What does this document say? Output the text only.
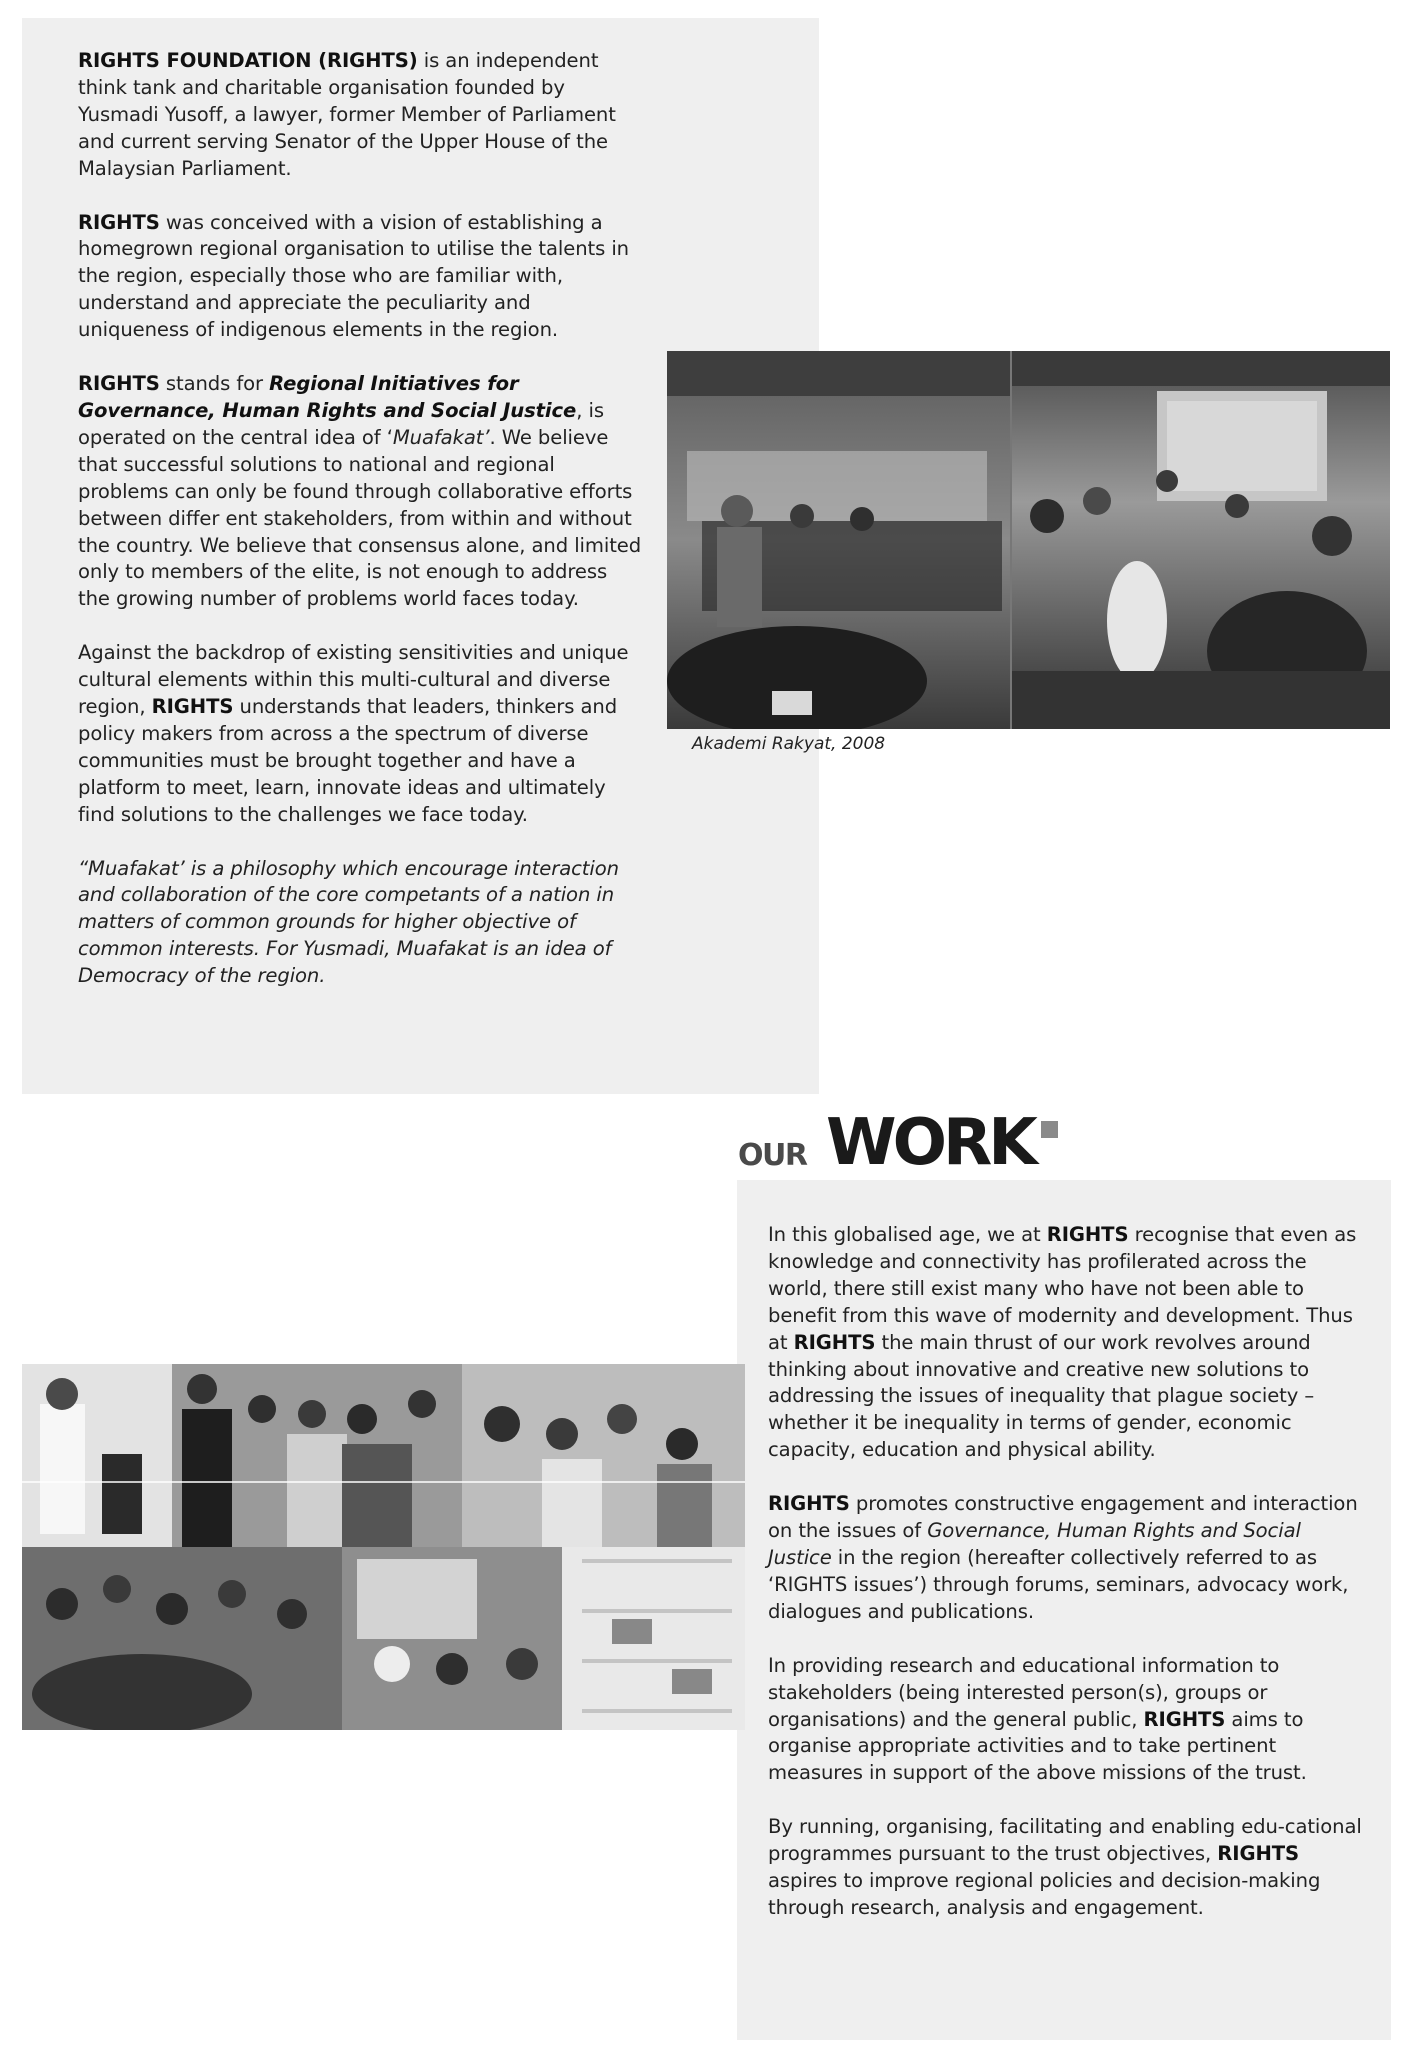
RIGHTS FOUNDATION (RIGHTS) is an independent think tank and charitable organisation founded by Yusmadi Yusoff, a lawyer, former Member of Parliament and current serving Senator of the Upper House of the Malaysian Parliament.

RIGHTS was conceived with a vision of establishing a homegrown regional organisation to utilise the talents in the region, especially those who are familiar with, understand and appreciate the peculiarity and uniqueness of indigenous elements in the region.

RIGHTS stands for Regional Initiatives for Governance, Human Rights and Social Justice, is operated on the central idea of ‘Muafakat’. We believe that successful solutions to national and regional problems can only be found through collaborative efforts between differ ent stakeholders, from within and without the country. We believe that consensus alone, and limited only to members of the elite, is not enough to address the growing number of problems world faces today.

Against the backdrop of existing sensitivities and unique cultural elements within this multi-cultural and diverse region, RIGHTS understands that leaders, thinkers and policy makers from across a the spectrum of diverse communities must be brought together and have a platform to meet, learn, innovate ideas and ultimately find solutions to the challenges we face today.

“Muafakat’ is a philosophy which encourage interaction and collaboration of the core competants of a nation in matters of common grounds for higher objective of common interests. For Yusmadi, Muafakat is an idea of Democracy of the region.

Akademi Rakyat, 2008
OUR WORK

In this globalised age, we at RIGHTS recognise that even as knowledge and connectivity has profilerated across the world, there still exist many who have not been able to benefit from this wave of modernity and development. Thus at RIGHTS the main thrust of our work revolves around thinking about innovative and creative new solutions to addressing the issues of inequality that plague society – whether it be inequality in terms of gender, economic capacity, education and physical ability.

RIGHTS promotes constructive engagement and interaction on the issues of Governance, Human Rights and Social Justice in the region (hereafter collectively referred to as ‘RIGHTS issues’) through forums, seminars, advocacy work, dialogues and publications.

In providing research and educational information to stakeholders (being interested person(s), groups or organisations) and the general public, RIGHTS aims to organise appropriate activities and to take pertinent measures in support of the above missions of the trust.

By running, organising, facilitating and enabling edu-cational programmes pursuant to the trust objectives, RIGHTS aspires to improve regional policies and decision-making through research, analysis and engagement.
